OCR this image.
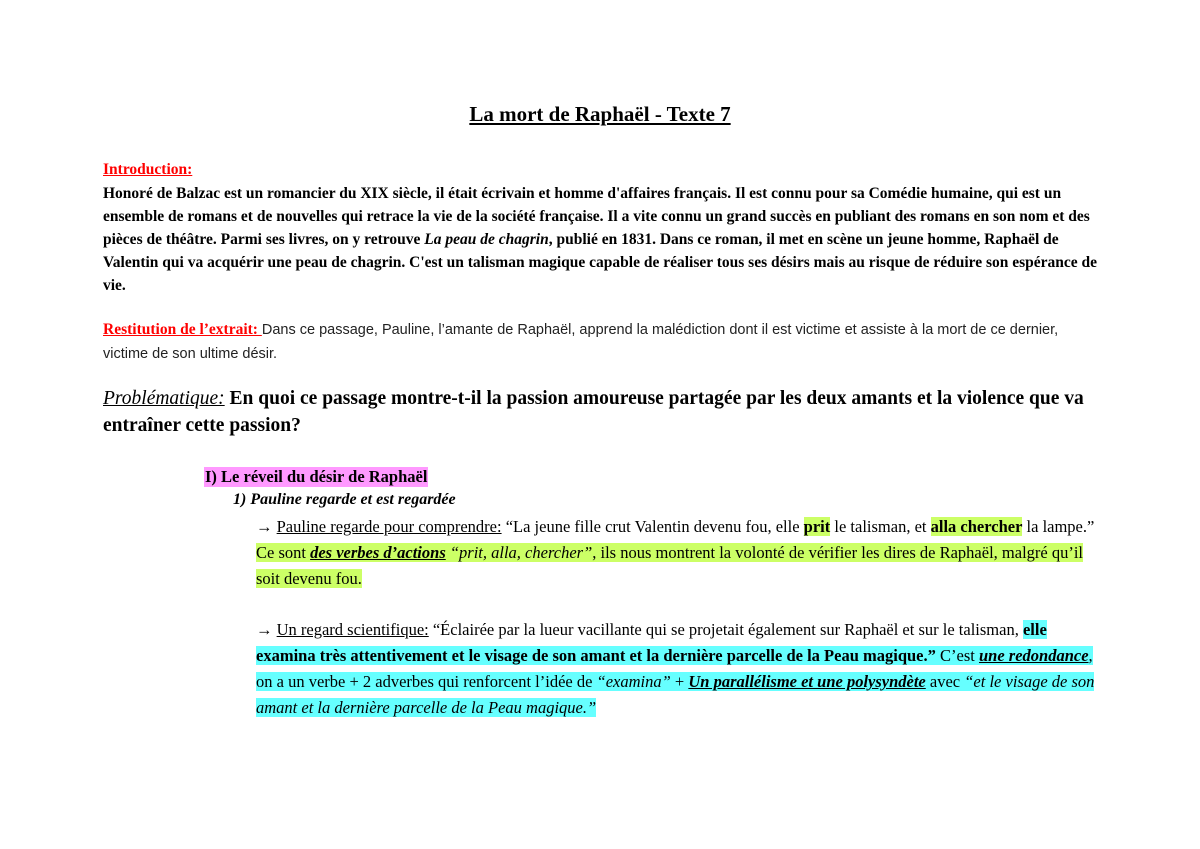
La mort de Raphaël - Texte 7
Introduction:
Honoré de Balzac est un romancier du XIX siècle, il était écrivain et homme d'affaires français. Il est connu pour sa Comédie humaine, qui est un ensemble de romans et de nouvelles qui retrace la vie de la société française. Il a vite connu un grand succès en publiant des romans en son nom et des pièces de théâtre. Parmi ses livres, on y retrouve La peau de chagrin, publié en 1831. Dans ce roman, il met en scène un jeune homme, Raphaël de Valentin qui va acquérir une peau de chagrin. C'est un talisman magique capable de réaliser tous ses désirs mais au risque de réduire son espérance de vie.
Restitution de l’extrait: Dans ce passage, Pauline, l’amante de Raphaël, apprend la malédiction dont il est victime et assiste à la mort de ce dernier, victime de son ultime désir.
Problématique: En quoi ce passage montre-t-il la passion amoureuse partagée par les deux amants et la violence que va entraîner cette passion?
I) Le réveil du désir de Raphaël
1) Pauline regarde et est regardée
→ Pauline regarde pour comprendre: “La jeune fille crut Valentin devenu fou, elle prit le talisman, et alla chercher la lampe.” Ce sont des verbes d’actions “prit, alla, chercher”, ils nous montrent la volonté de vérifier les dires de Raphaël, malgré qu’il soit devenu fou.
→ Un regard scientifique: “Éclairée par la lueur vacillante qui se projetait également sur Raphaël et sur le talisman, elle examina très attentivement et le visage de son amant et la dernière parcelle de la Peau magique.” C’est une redondance, on a un verbe + 2 adverbes qui renforcent l’idée de “examina” + Un parallélisme et une polysyndète avec “et le visage de son amant et la dernière parcelle de la Peau magique.”
